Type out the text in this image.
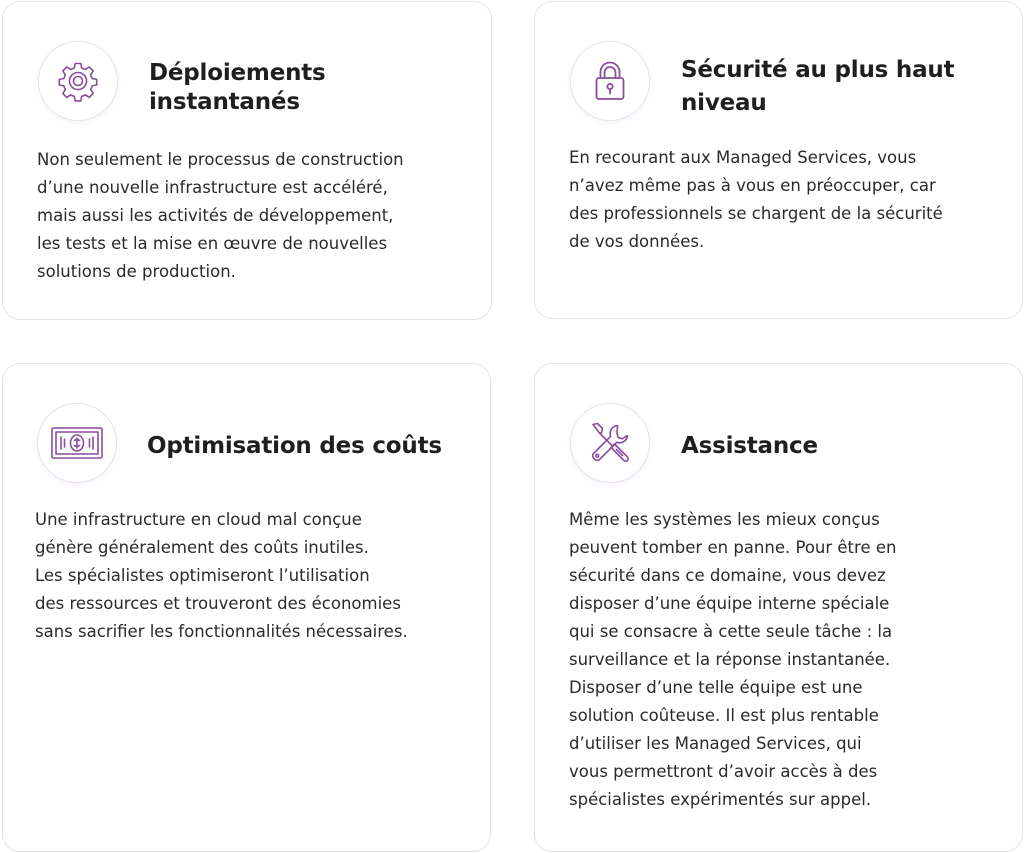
Déploiements instantanés

Non seulement le processus de construction
d’une nouvelle infrastructure est accéléré,
mais aussi les activités de développement,
les tests et la mise en œuvre de nouvelles
solutions de production.

Sécurité au plus haut niveau

En recourant aux Managed Services, vous
n’avez même pas à vous en préoccuper, car
des professionnels se chargent de la sécurité
de vos données.

Optimisation des coûts

Une infrastructure en cloud mal conçue
génère généralement des coûts inutiles.
Les spécialistes optimiseront l’utilisation
des ressources et trouveront des économies
sans sacrifier les fonctionnalités nécessaires.

Assistance

Même les systèmes les mieux conçus
peuvent tomber en panne. Pour être en
sécurité dans ce domaine, vous devez
disposer d’une équipe interne spéciale
qui se consacre à cette seule tâche : la
surveillance et la réponse instantanée.
Disposer d’une telle équipe est une
solution coûteuse. Il est plus rentable
d’utiliser les Managed Services, qui
vous permettront d’avoir accès à des
spécialistes expérimentés sur appel.
